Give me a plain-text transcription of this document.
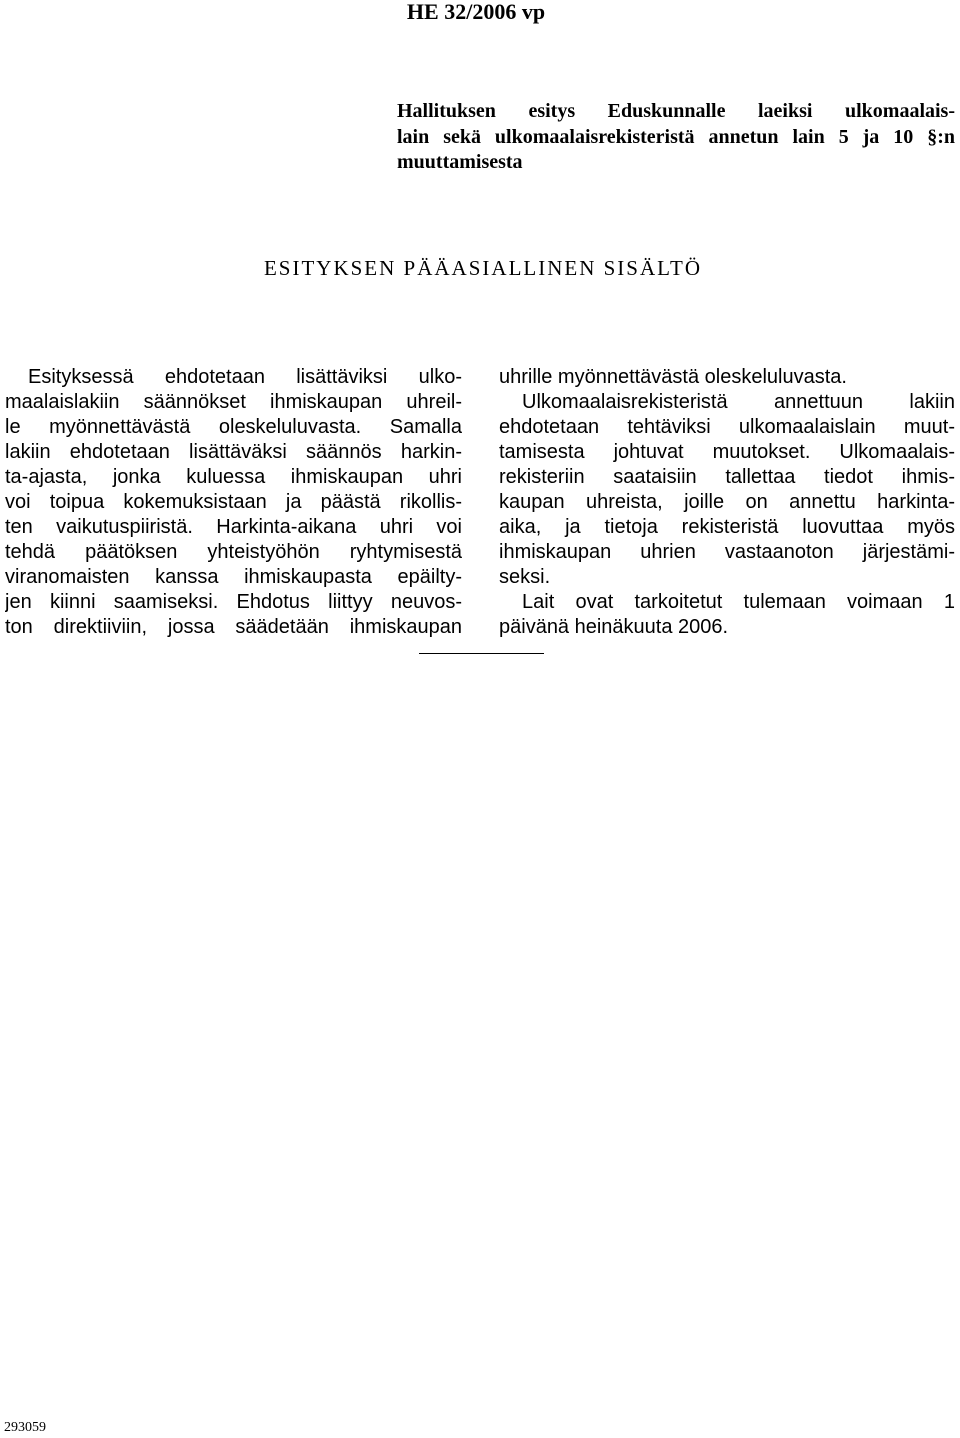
HE 32/2006 vp
Hallituksen esitys Eduskunnalle laeiksi ulkomaalais-
lain sekä ulkomaalaisrekisteristä annetun lain 5 ja 10 §:n
muuttamisesta
ESITYKSEN PÄÄASIALLINEN SISÄLTÖ
Esityksessä ehdotetaan lisättäviksi ulko-
maalaislakiin säännökset ihmiskaupan uhreil-
le myönnettävästä oleskeluluvasta. Samalla
lakiin ehdotetaan lisättäväksi säännös harkin-
ta-ajasta, jonka kuluessa ihmiskaupan uhri
voi toipua kokemuksistaan ja päästä rikollis-
ten vaikutuspiiristä. Harkinta-aikana uhri voi
tehdä päätöksen yhteistyöhön ryhtymisestä
viranomaisten kanssa ihmiskaupasta epäilty-
jen kiinni saamiseksi. Ehdotus liittyy neuvos-
ton direktiiviin, jossa säädetään ihmiskaupan
uhrille myönnettävästä oleskeluluvasta.
Ulkomaalaisrekisteristä annettuun lakiin
ehdotetaan tehtäviksi ulkomaalaislain muut-
tamisesta johtuvat muutokset. Ulkomaalais-
rekisteriin saataisiin tallettaa tiedot ihmis-
kaupan uhreista, joille on annettu harkinta-
aika, ja tietoja rekisteristä luovuttaa myös
ihmiskaupan uhrien vastaanoton järjestämi-
seksi.
Lait ovat tarkoitetut tulemaan voimaan 1
päivänä heinäkuuta 2006.
293059
